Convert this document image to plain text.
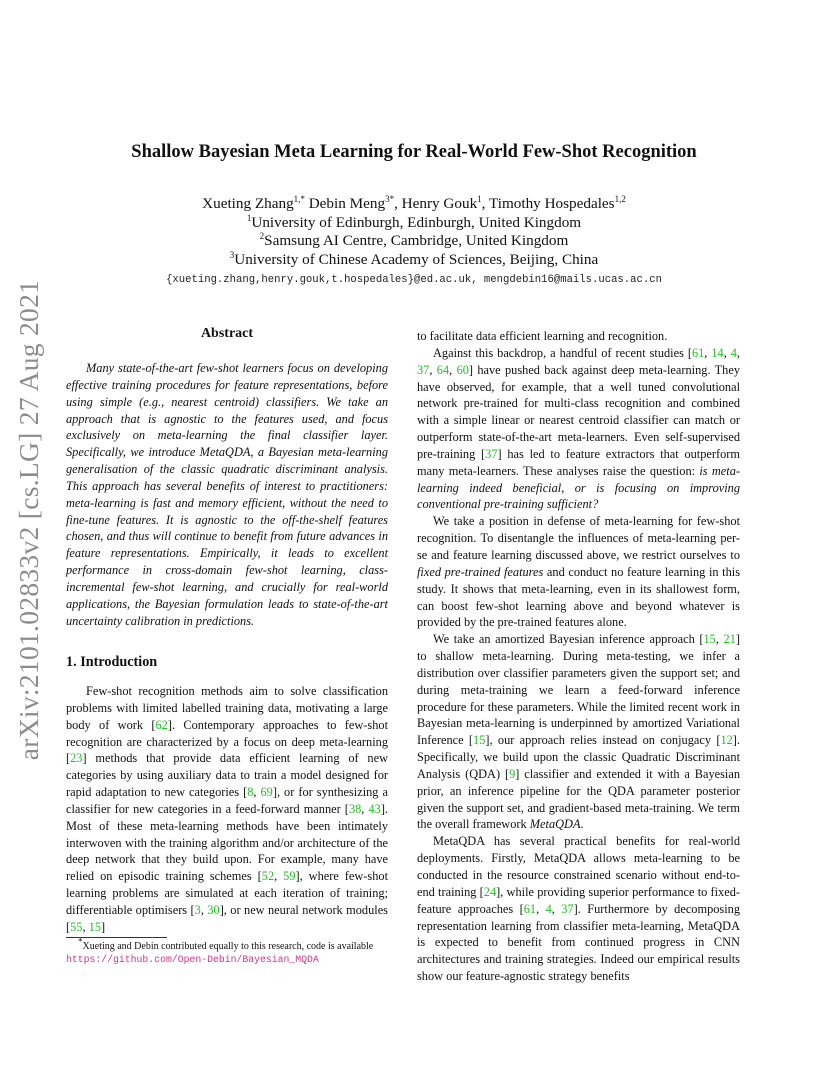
arXiv:2101.02833v2 [cs.LG] 27 Aug 2021
Shallow Bayesian Meta Learning for Real-World Few-Shot Recognition
Xueting Zhang$^{1,*}$ Debin Meng$^{3*}$, Henry Gouk$^1$, Timothy Hospedales$^{1,2}$
$^1$University of Edinburgh, Edinburgh, United Kingdom
$^2$Samsung AI Centre, Cambridge, United Kingdom
$^3$University of Chinese Academy of Sciences, Beijing, China
{xueting.zhang,henry.gouk,t.hospedales}@ed.ac.uk, mengdebin16@mails.ucas.ac.cn
Abstract

Many state-of-the-art few-shot learners focus on developing effective training procedures for feature representations, before using simple (e.g., nearest centroid) classifiers. We take an approach that is agnostic to the features used, and focus exclusively on meta-learning the final classifier layer. Specifically, we introduce MetaQDA, a Bayesian meta-learning generalisation of the classic quadratic discriminant analysis. This approach has several benefits of interest to practitioners: meta-learning is fast and memory efficient, without the need to fine-tune features. It is agnostic to the off-the-shelf features chosen, and thus will continue to benefit from future advances in feature representations. Empirically, it leads to excellent performance in cross-domain few-shot learning, class-incremental few-shot learning, and crucially for real-world applications, the Bayesian formulation leads to state-of-the-art uncertainty calibration in predictions.

1. Introduction

Few-shot recognition methods aim to solve classification problems with limited labelled training data, motivating a large body of work [62]. Contemporary approaches to few-shot recognition are characterized by a focus on deep meta-learning [23] methods that provide data efficient learning of new categories by using auxiliary data to train a model designed for rapid adaptation to new categories [8, 69], or for synthesizing a classifier for new categories in a feed-forward manner [38, 43]. Most of these meta-learning methods have been intimately interwoven with the training algorithm and/or architecture of the deep network that they build upon. For example, many have relied on episodic training schemes [52, 59], where few-shot learning problems are simulated at each iteration of training; differentiable optimisers [3, 30], or new neural network modules [55, 15]

*Xueting and Debin contributed equally to this research, code is available
https://github.com/Open-Debin/Bayesian_MQDA

to facilitate data efficient learning and recognition.

Against this backdrop, a handful of recent studies [61, 14, 4, 37, 64, 60] have pushed back against deep meta-learning. They have observed, for example, that a well tuned convolutional network pre-trained for multi-class recognition and combined with a simple linear or nearest centroid classifier can match or outperform state-of-the-art meta-learners. Even self-supervised pre-training [37] has led to feature extractors that outperform many meta-learners. These analyses raise the question: is meta-learning indeed beneficial, or is focusing on improving conventional pre-training sufficient?

We take a position in defense of meta-learning for few-shot recognition. To disentangle the influences of meta-learning per-se and feature learning discussed above, we restrict ourselves to fixed pre-trained features and conduct no feature learning in this study. It shows that meta-learning, even in its shallowest form, can boost few-shot learning above and beyond whatever is provided by the pre-trained features alone.

We take an amortized Bayesian inference approach [15, 21] to shallow meta-learning. During meta-testing, we infer a distribution over classifier parameters given the support set; and during meta-training we learn a feed-forward inference procedure for these parameters. While the limited recent work in Bayesian meta-learning is underpinned by amortized Variational Inference [15], our approach relies instead on conjugacy [12]. Specifically, we build upon the classic Quadratic Discriminant Analysis (QDA) [9] classifier and extended it with a Bayesian prior, an inference pipeline for the QDA parameter posterior given the support set, and gradient-based meta-training. We term the overall framework MetaQDA.

MetaQDA has several practical benefits for real-world deployments. Firstly, MetaQDA allows meta-learning to be conducted in the resource constrained scenario without end-to-end training [24], while providing superior performance to fixed-feature approaches [61, 4, 37]. Furthermore by decomposing representation learning from classifier meta-learning, MetaQDA is expected to benefit from continued progress in CNN architectures and training strategies. Indeed our empirical results show our feature-agnostic strategy benefits
